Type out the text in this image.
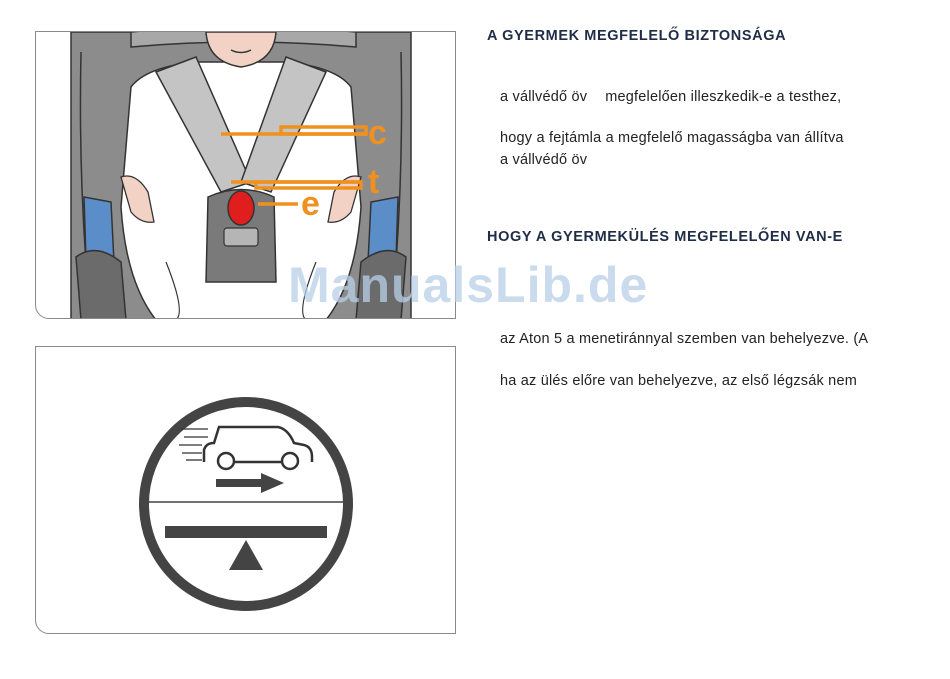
c
t
e
ManualsLib.de
A GYERMEK MEGFELELŐ BIZTONSÁGA

a vállvédő öv megfelelően illeszkedik-e a testhez,

hogy a fejtámla a megfelelő magasságba van állítva

a vállvédő öv

HOGY A GYERMEKÜLÉS MEGFELELŐEN VAN-E

az Aton 5 a menetiránnyal szemben van behelyezve. (A

ha az ülés előre van behelyezve, az első légzsák nem
